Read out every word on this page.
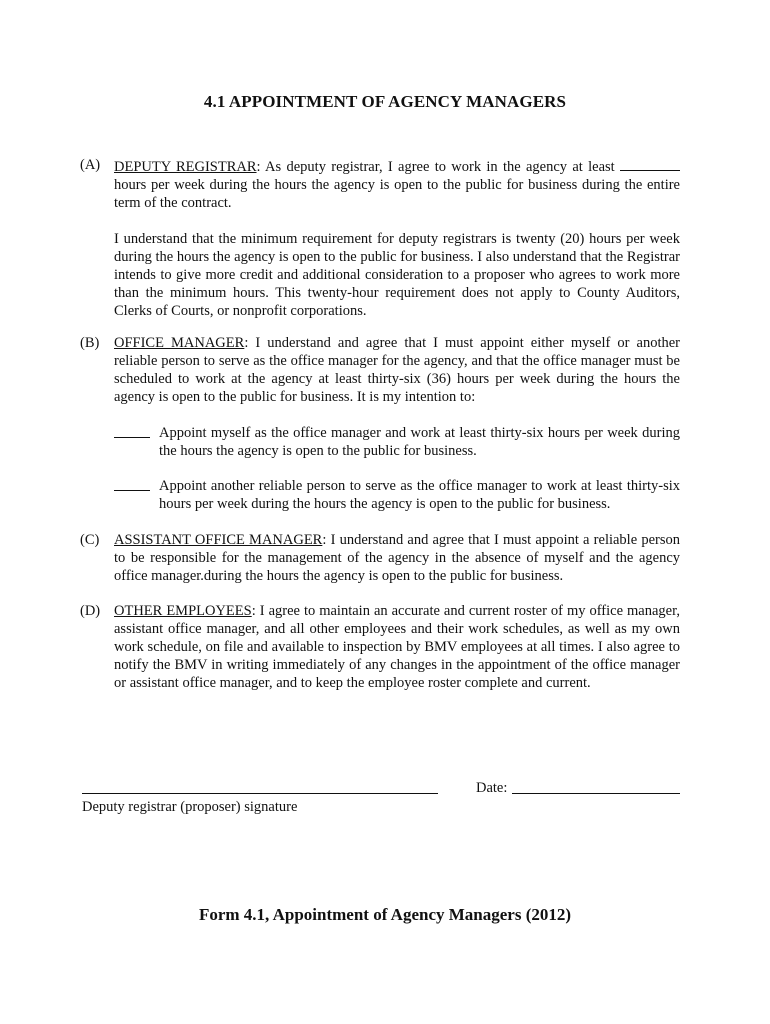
4.1 APPOINTMENT OF AGENCY MANAGERS
(A) DEPUTY REGISTRAR: As deputy registrar, I agree to work in the agency at least  hours per week during the hours the agency is open to the public for business during the entire term of the contract.
I understand that the minimum requirement for deputy registrars is twenty (20) hours per week during the hours the agency is open to the public for business. I also understand that the Registrar intends to give more credit and additional consideration to a proposer who agrees to work more than the minimum hours. This twenty-hour requirement does not apply to County Auditors, Clerks of Courts, or nonprofit corporations.
(B) OFFICE MANAGER: I understand and agree that I must appoint either myself or another reliable person to serve as the office manager for the agency, and that the office manager must be scheduled to work at the agency at least thirty-six (36) hours per week during the hours the agency is open to the public for business. It is my intention to:
Appoint myself as the office manager and work at least thirty-six hours per week during the hours the agency is open to the public for business.
Appoint another reliable person to serve as the office manager to work at least thirty-six hours per week during the hours the agency is open to the public for business.
(C) ASSISTANT OFFICE MANAGER: I understand and agree that I must appoint a reliable person to be responsible for the management of the agency in the absence of myself and the agency office manager.during the hours the agency is open to the public for business.
(D) OTHER EMPLOYEES: I agree to maintain an accurate and current roster of my office manager, assistant office manager, and all other employees and their work schedules, as well as my own work schedule, on file and available to inspection by BMV employees at all times. I also agree to notify the BMV in writing immediately of any changes in the appointment of the office manager or assistant office manager, and to keep the employee roster complete and current.
Deputy registrar (proposer) signature
Date:
Form 4.1, Appointment of Agency Managers (2012)
